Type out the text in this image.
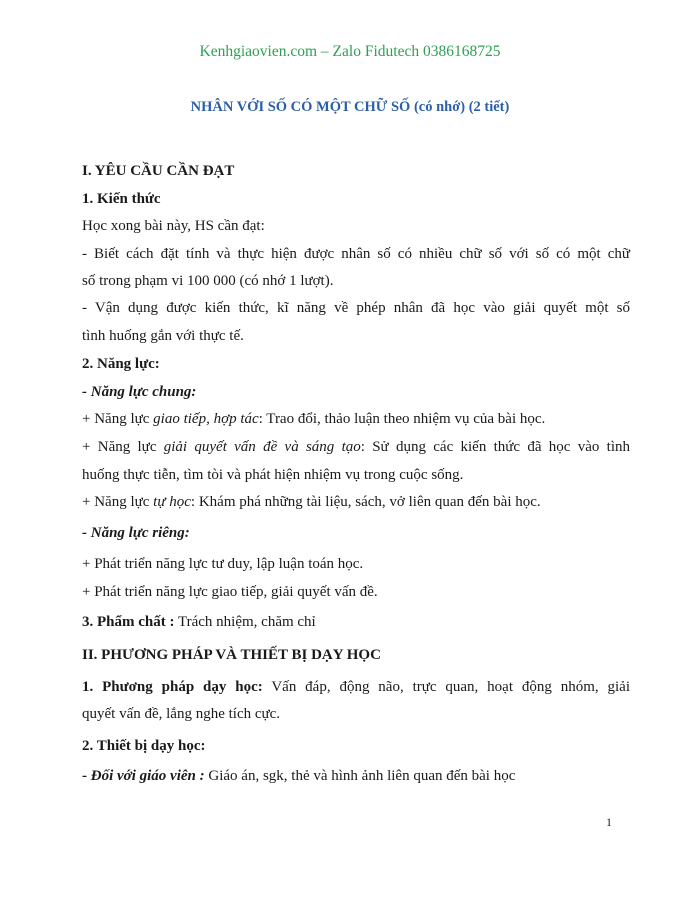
Kenhgiaovien.com – Zalo Fidutech 0386168725
NHÂN VỚI SỐ CÓ MỘT CHỮ SỐ (có nhớ) (2 tiết)
I. YÊU CẦU CẦN ĐẠT
1. Kiến thức
Học xong bài này, HS cần đạt:
- Biết cách đặt tính và thực hiện được nhân số có nhiều chữ số với số có một chữ
số trong phạm vi 100 000 (có nhớ 1 lượt).
- Vận dụng được kiến thức, kĩ năng về phép nhân đã học vào giải quyết một số
tình huống gắn với thực tế.
2. Năng lực:
- Năng lực chung:
+ Năng lực giao tiếp, hợp tác: Trao đổi, thảo luận theo nhiệm vụ của bài học.
+ Năng lực giải quyết vấn đề và sáng tạo: Sử dụng các kiến thức đã học vào tình
huống thực tiễn, tìm tòi và phát hiện nhiệm vụ trong cuộc sống.
+ Năng lực tự học: Khám phá những tài liệu, sách, vở liên quan đến bài học.
- Năng lực riêng:
+ Phát triển năng lực tư duy, lập luận toán học.
+ Phát triển năng lực giao tiếp, giải quyết vấn đề.
3. Phẩm chất : Trách nhiệm, chăm chỉ
II. PHƯƠNG PHÁP VÀ THIẾT BỊ DẠY HỌC
1. Phương pháp dạy học: Vấn đáp, động não, trực quan, hoạt động nhóm, giải
quyết vấn đề, lắng nghe tích cực.
2. Thiết bị dạy học:
- Đối với giáo viên : Giáo án, sgk, thẻ và hình ảnh liên quan đến bài học
1
